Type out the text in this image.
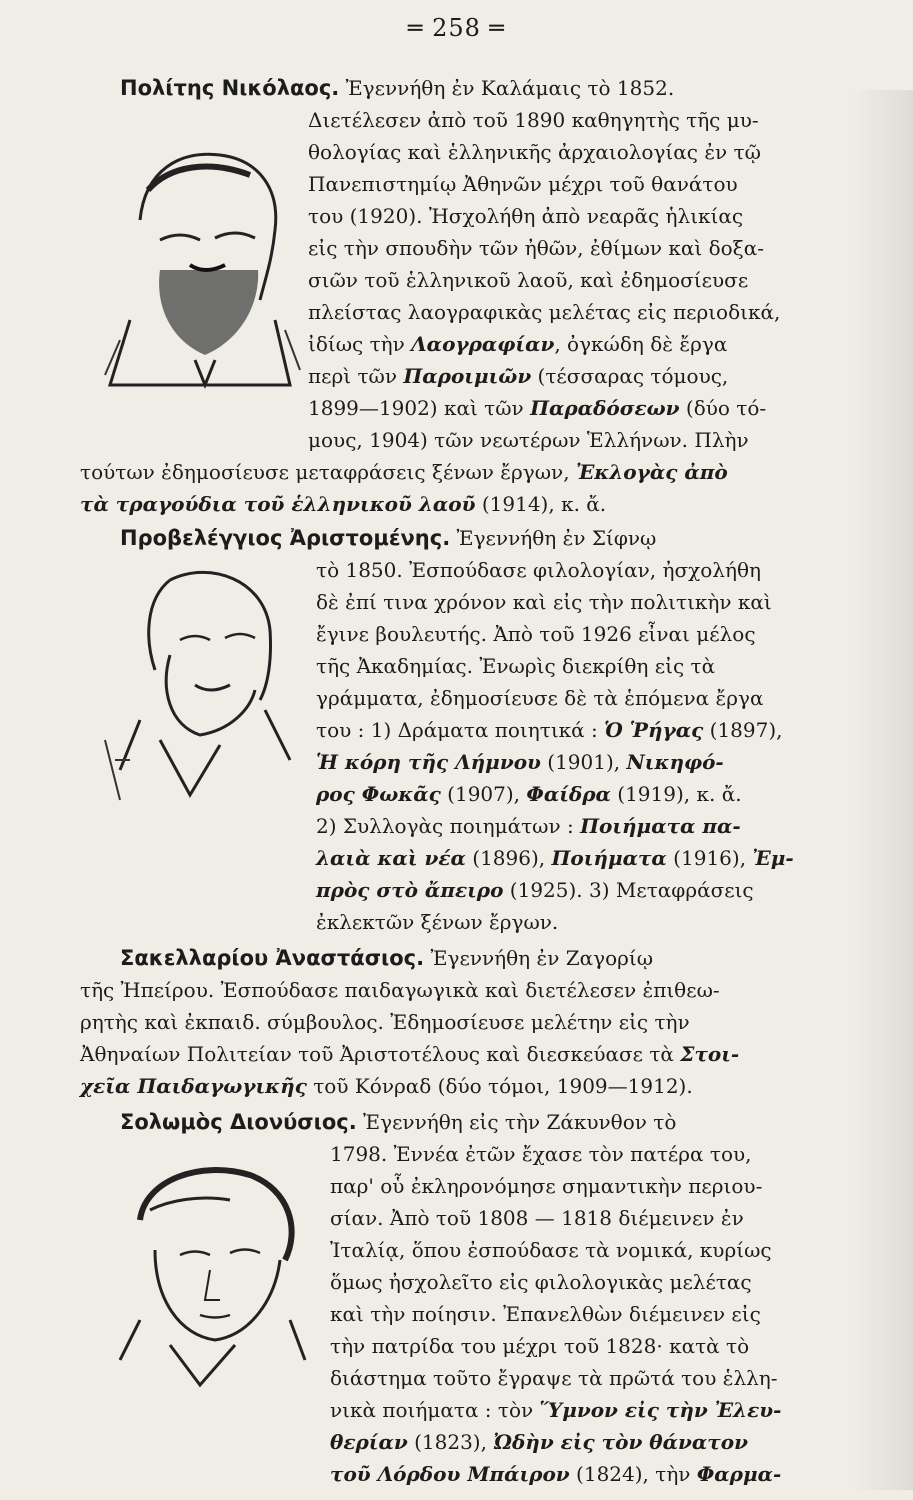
═ 258 ═
Πολίτης Νικόλαος. Ἐγεννήθη ἐν Καλάμαις τὸ 1852.
Διετέλεσεν ἀπὸ τοῦ 1890 καθηγητὴς τῆς μυ-
θολογίας καὶ ἑλληνικῆς ἀρχαιολογίας ἐν τῷ
Πανεπιστημίῳ Ἀθηνῶν μέχρι τοῦ θανάτου
του (1920). Ἠσχολήθη ἀπὸ νεαρᾶς ἡλικίας
εἰς τὴν σπουδὴν τῶν ἠθῶν, ἐθίμων καὶ δοξα-
σιῶν τοῦ ἑλληνικοῦ λαοῦ, καὶ ἐδημοσίευσε
πλείστας λαογραφικὰς μελέτας εἰς περιοδικά,
ἰδίως τὴν Λαογραφίαν, ὀγκώδη δὲ ἔργα
περὶ τῶν Παροιμιῶν (τέσσαρας τόμους,
1899—1902) καὶ τῶν Παραδόσεων (δύο τό-
μους, 1904) τῶν νεωτέρων Ἑλλήνων. Πλὴν
τούτων ἐδημοσίευσε μεταφράσεις ξένων ἔργων, Ἐκλογὰς ἀπὸ
τὰ τραγούδια τοῦ ἑλληνικοῦ λαοῦ (1914), κ. ἄ.
Προβελέγγιος Ἀριστομένης. Ἐγεννήθη ἐν Σίφνῳ
τὸ 1850. Ἐσπούδασε φιλολογίαν, ἠσχολήθη
δὲ ἐπί τινα χρόνον καὶ εἰς τὴν πολιτικὴν καὶ
ἔγινε βουλευτής. Ἀπὸ τοῦ 1926 εἶναι μέλος
τῆς Ἀκαδημίας. Ἐνωρὶς διεκρίθη εἰς τὰ
γράμματα, ἐδημοσίευσε δὲ τὰ ἑπόμενα ἔργα
του : 1) Δράματα ποιητικά : Ὁ Ῥήγας (1897),
Ἡ κόρη τῆς Λήμνου (1901), Νικηφό-
ρος Φωκᾶς (1907), Φαίδρα (1919), κ. ἄ.
2) Συλλογὰς ποιημάτων : Ποιήματα πα-
λαιὰ καὶ νέα (1896), Ποιήματα (1916), Ἐμ-
πρὸς στὸ ἄπειρο (1925). 3) Μεταφράσεις
ἐκλεκτῶν ξένων ἔργων.
Σακελλαρίου Ἀναστάσιος. Ἐγεννήθη ἐν Ζαγορίῳ
τῆς Ἠπείρου. Ἐσπούδασε παιδαγωγικὰ καὶ διετέλεσεν ἐπιθεω-
ρητὴς καὶ ἐκπαιδ. σύμβουλος. Ἐδημοσίευσε μελέτην εἰς τὴν
Ἀθηναίων Πολιτείαν τοῦ Ἀριστοτέλους καὶ διεσκεύασε τὰ Στοι-
χεῖα Παιδαγωγικῆς τοῦ Κόνραδ (δύο τόμοι, 1909—1912).
Σολωμὸς Διονύσιος. Ἐγεννήθη εἰς τὴν Ζάκυνθον τὸ
1798. Ἐννέα ἐτῶν ἔχασε τὸν πατέρα του,
παρ' οὗ ἐκληρονόμησε σημαντικὴν περιου-
σίαν. Ἀπὸ τοῦ 1808 — 1818 διέμεινεν ἐν
Ἰταλίᾳ, ὅπου ἐσπούδασε τὰ νομικά, κυρίως
ὅμως ἠσχολεῖτο εἰς φιλολογικὰς μελέτας
καὶ τὴν ποίησιν. Ἐπανελθὼν διέμεινεν εἰς
τὴν πατρίδα του μέχρι τοῦ 1828· κατὰ τὸ
διάστημα τοῦτο ἔγραψε τὰ πρῶτά του ἑλλη-
νικὰ ποιήματα : τὸν Ὕμνον εἰς τὴν Ἐλευ-
θερίαν (1823), Ὠδὴν εἰς τὸν θάνατον
τοῦ Λόρδου Μπάιρον (1824), τὴν Φαρμα-
